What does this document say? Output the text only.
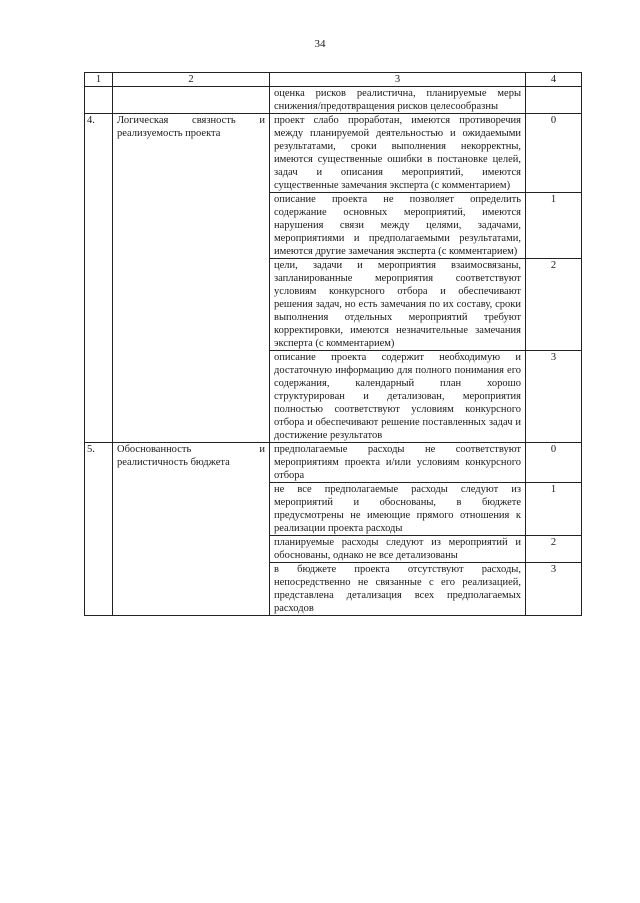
34
1	2	3	4
		оценка рисков реалистична, планируемые меры снижения/предотвращения рисков целесообразны	
4.	Логическая связность и реализуемость проекта	проект слабо проработан, имеются противоречия между планируемой деятельностью и ожидаемыми результатами, сроки выполнения некорректны, имеются существенные ошибки в постановке целей, задач и описания мероприятий, имеются существенные замечания эксперта (с комментарием)	0
		описание проекта не позволяет определить содержание основных мероприятий, имеются нарушения связи между целями, задачами, мероприятиями и предполагаемыми результатами, имеются другие замечания эксперта (с комментарием)	1
		цели, задачи и мероприятия взаимосвязаны, запланированные мероприятия соответствуют условиям конкурсного отбора и обеспечивают решения задач, но есть замечания по их составу, сроки выполнения отдельных мероприятий требуют корректировки, имеются незначительные замечания эксперта (с комментарием)	2
		описание проекта содержит необходимую и достаточную информацию для полного понимания его содержания, календарный план хорошо структурирован и детализован, мероприятия полностью соответствуют условиям конкурсного отбора и обеспечивают решение поставленных задач и достижение результатов	3
5.	Обоснованность и реалистичность бюджета	предполагаемые расходы не соответствуют мероприятиям проекта и/или условиям конкурсного отбора	0
		не все предполагаемые расходы следуют из мероприятий и обоснованы, в бюджете предусмотрены не имеющие прямого отношения к реализации проекта расходы	1
		планируемые расходы следуют из мероприятий и обоснованы, однако не все детализованы	2
		в бюджете проекта отсутствуют расходы, непосредственно не связанные с его реализацией, представлена детализация всех предполагаемых расходов	3
